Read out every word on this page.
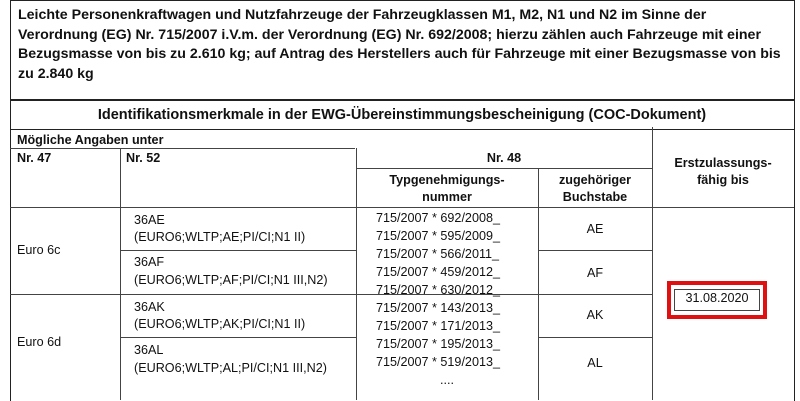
Leichte Personenkraftwagen und Nutzfahrzeuge der Fahrzeugklassen M1, M2, N1 und N2 im Sinne der Verordnung (EG) Nr. 715/2007 i.V.m. der Verordnung (EG) Nr. 692/2008; hierzu zählen auch Fahrzeuge mit einer Bezugsmasse von bis zu 2.610 kg; auf Antrag des Herstellers auch für Fahrzeuge mit einer Bezugsmasse von bis zu 2.840 kg
Identifikationsmerkmale in der EWG-Übereinstimmungsbescheinigung (COC-Dokument)
Mögliche Angaben unter
Nr. 47	Nr. 52	Nr. 48
Typgenehmigungs-
nummer
zugehöriger
Buchstabe
Erstzulassungs-
fähig bis
Euro 6c
Euro 6d
36AE
(EURO6;WLTP;AE;PI/CI;N1 II)
36AF
(EURO6;WLTP;AF;PI/CI;N1 III,N2)
36AK
(EURO6;WLTP;AK;PI/CI;N1 II)
36AL
(EURO6;WLTP;AL;PI/CI;N1 III,N2)
715/2007 * 692/2008_
715/2007 * 595/2009_
715/2007 * 566/2011_
715/2007 * 459/2012_
715/2007 * 630/2012_
715/2007 * 143/2013_
715/2007 * 171/2013_
715/2007 * 195/2013_
715/2007 * 519/2013_
....
AE
AF
AK
AL
31.08.2020
